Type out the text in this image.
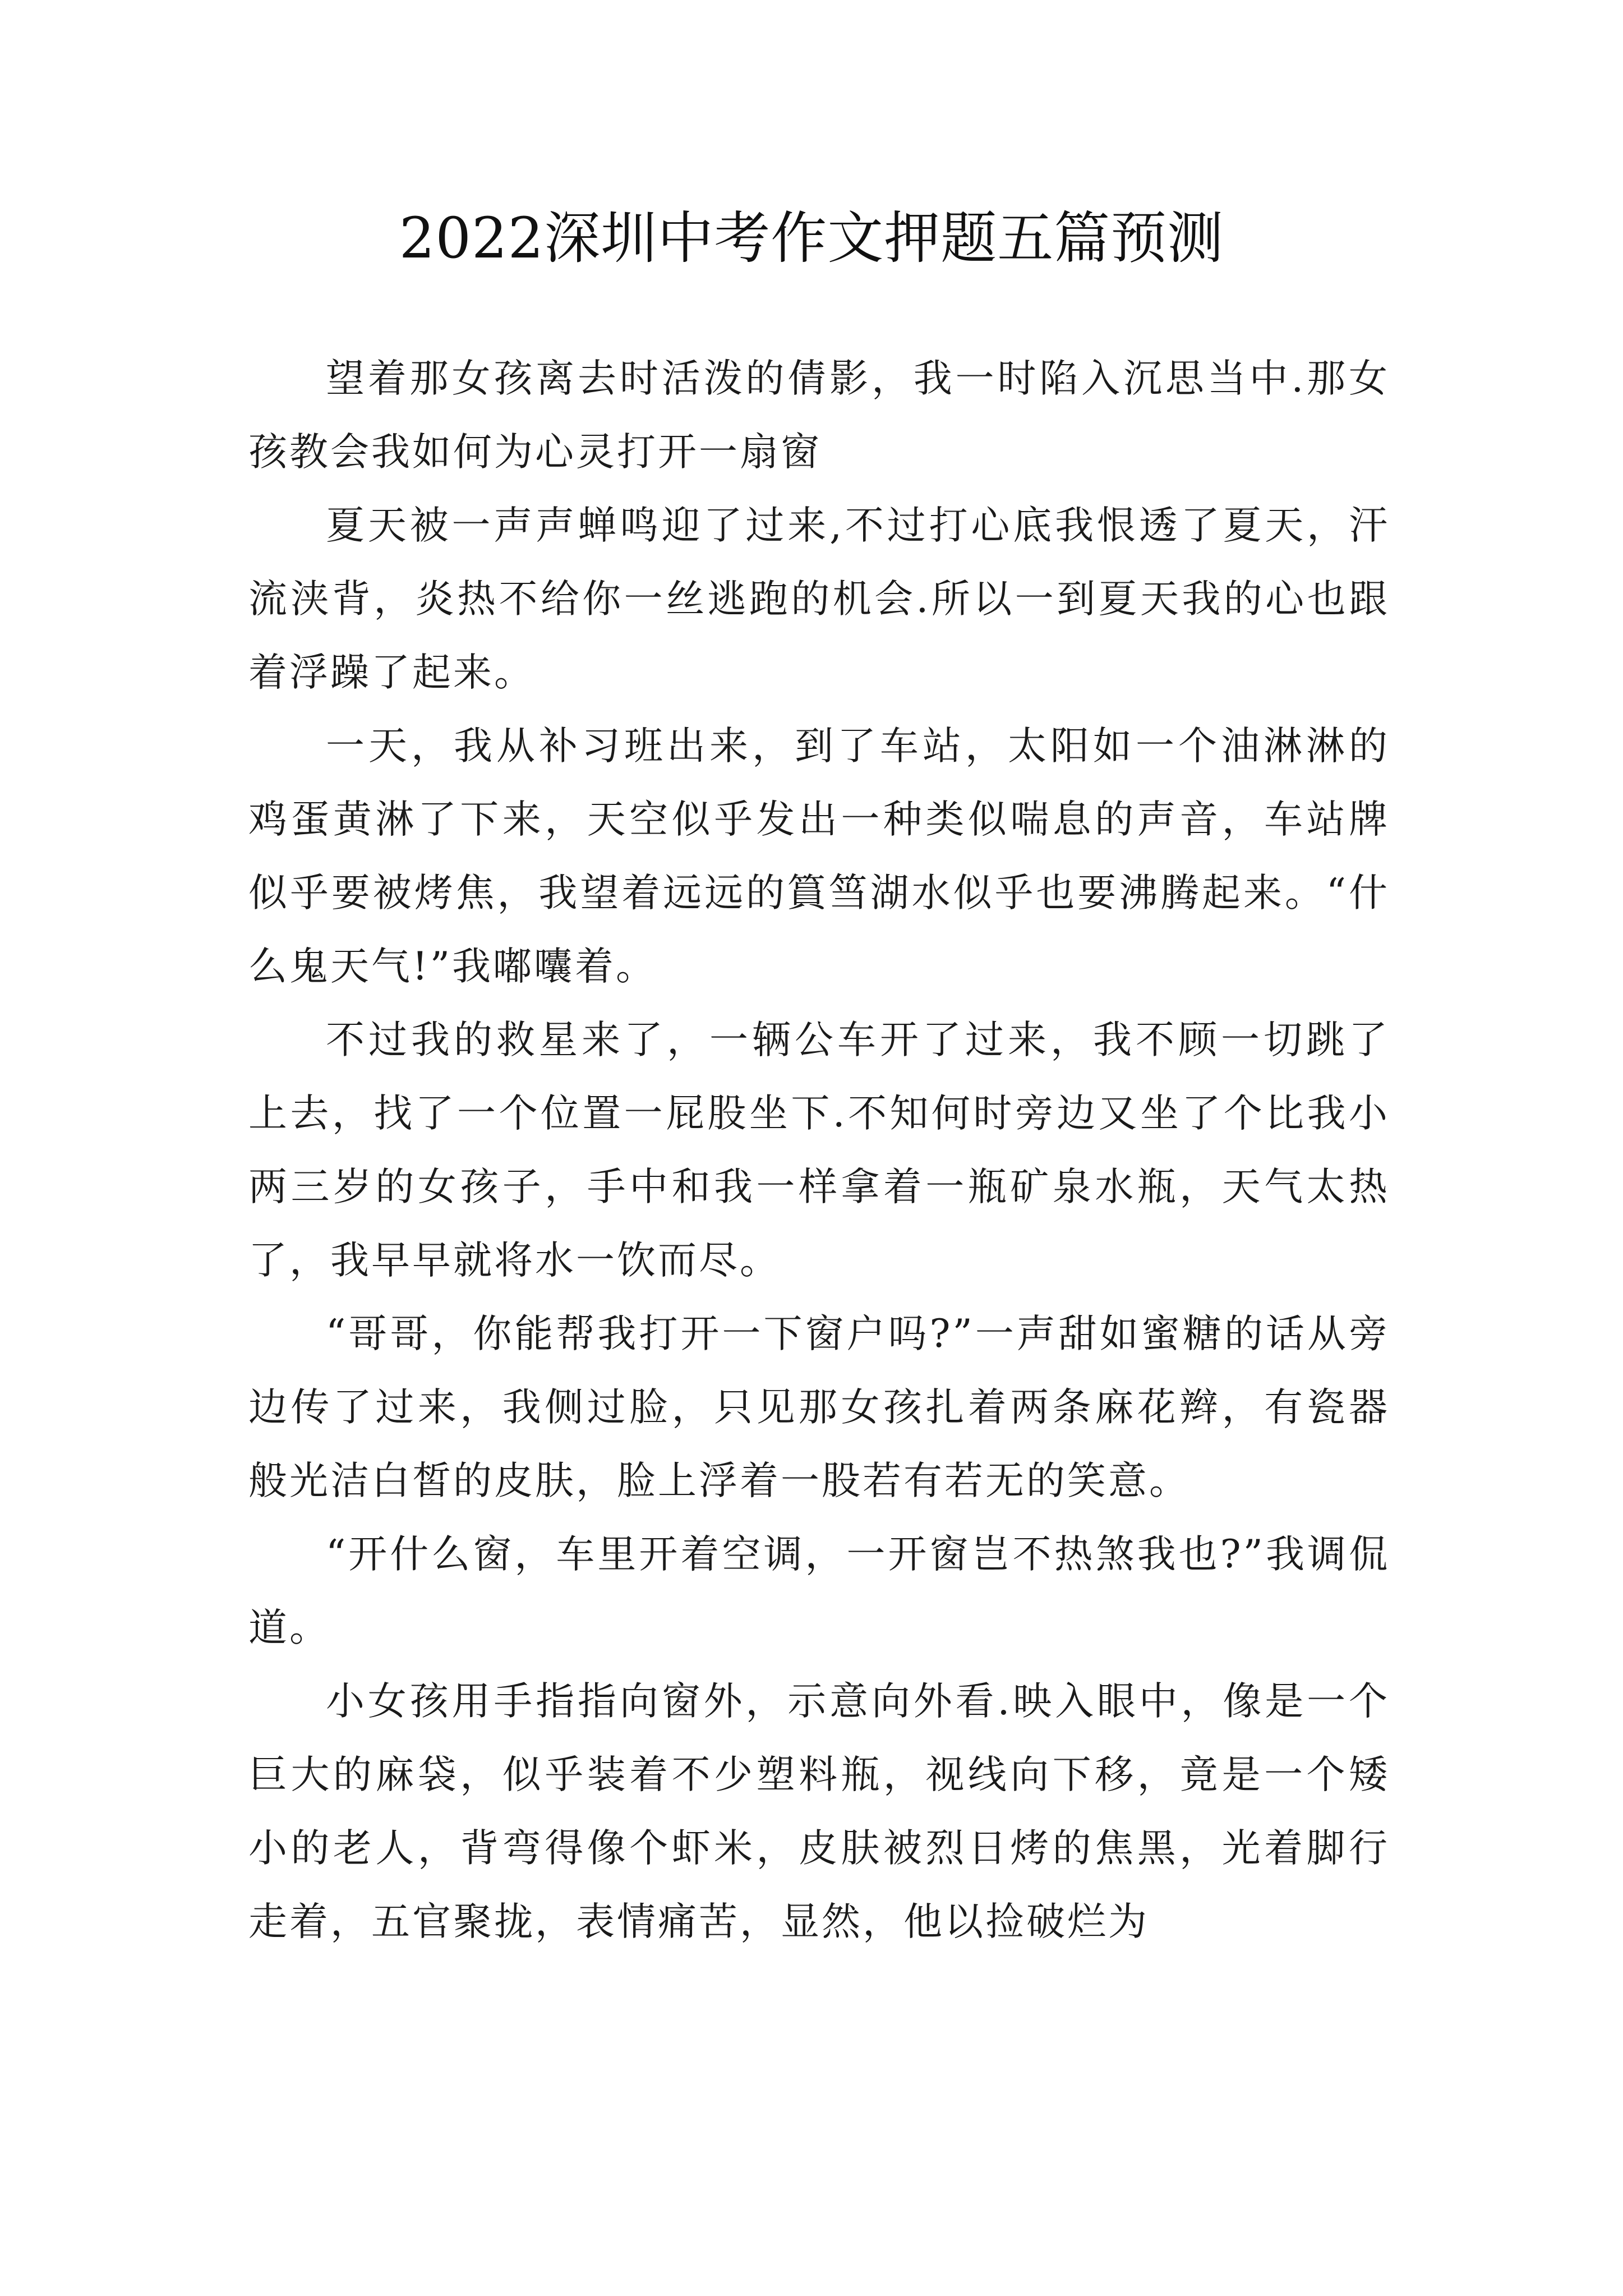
2022深圳中考作文押题五篇预测

望着那女孩离去时活泼的倩影，我一时陷入沉思当中.那女孩教会我如何为心灵打开一扇窗

夏天被一声声蝉鸣迎了过来,不过打心底我恨透了夏天，汗流浃背，炎热不给你一丝逃跑的机会.所以一到夏天我的心也跟着浮躁了起来。

一天，我从补习班出来，到了车站，太阳如一个油淋淋的鸡蛋黄淋了下来，天空似乎发出一种类似喘息的声音，车站牌似乎要被烤焦，我望着远远的篔筜湖水似乎也要沸腾起来。“什么鬼天气!”我嘟囔着。

不过我的救星来了，一辆公车开了过来，我不顾一切跳了上去，找了一个位置一屁股坐下.不知何时旁边又坐了个比我小两三岁的女孩子，手中和我一样拿着一瓶矿泉水瓶，天气太热了，我早早就将水一饮而尽。

“哥哥，你能帮我打开一下窗户吗?”一声甜如蜜糖的话从旁边传了过来，我侧过脸，只见那女孩扎着两条麻花辫，有瓷器般光洁白皙的皮肤，脸上浮着一股若有若无的笑意。

“开什么窗，车里开着空调，一开窗岂不热煞我也?”我调侃道。

小女孩用手指指向窗外，示意向外看.映入眼中，像是一个巨大的麻袋，似乎装着不少塑料瓶，视线向下移，竟是一个矮小的老人，背弯得像个虾米，皮肤被烈日烤的焦黑，光着脚行走着，五官聚拢，表情痛苦，显然，他以捡破烂为
